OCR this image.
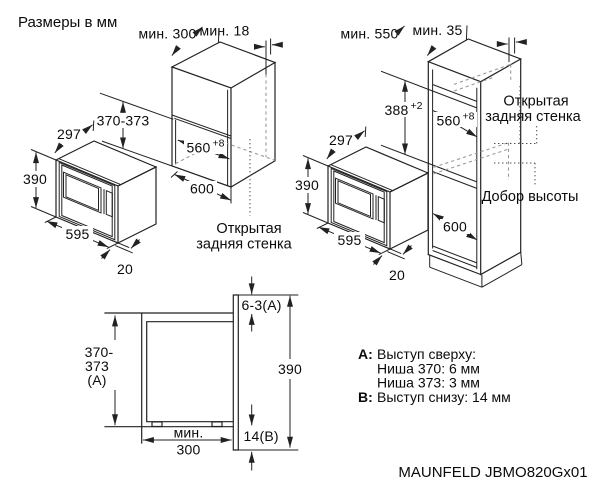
Размеры в мм
390
297
595
20
Открытая
задняя стенка
мин. 300 мин. 18
370-373
560 +8
600	390
297
595
20
Открытая
задняя стенка
Добор высоты
мин. 550 мин. 35
388 +2
560 +8
600
6-3(A)
390
370-
373
(A)
мин.
300
14(B)
A: Выступ сверху:
Ниша 370: 6 мм
Ниша 373: 3 мм
B: Выступ снизу: 14 мм
MAUNFELD JBMO820Gx01
